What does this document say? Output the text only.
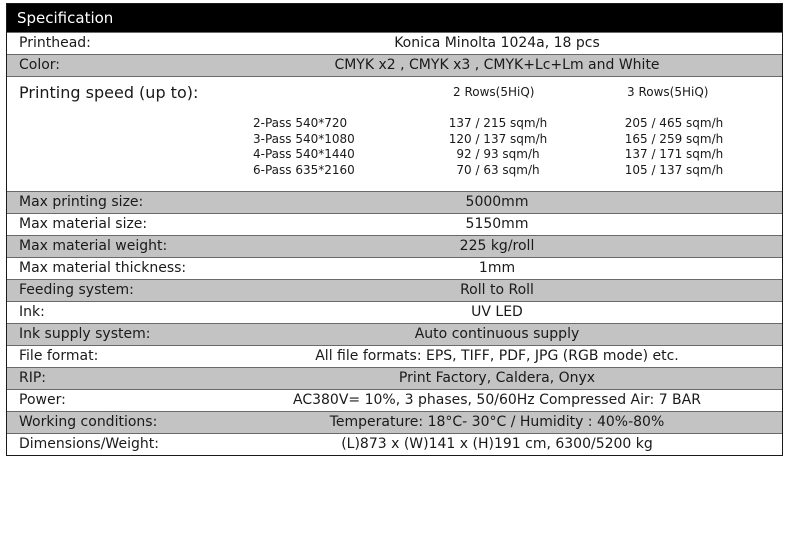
Specification
Printhead:	Konica Minolta 1024a, 18 pcs
Color:	CMYK x2 , CMYK x3 , CMYK+Lc+Lm and White
Printing speed (up to):	2 Rows(5HiQ)	3 Rows(5HiQ)
2-Pass 540*720	137 / 215 sqm/h	205 / 465 sqm/h
3-Pass 540*1080	120 / 137 sqm/h	165 / 259 sqm/h
4-Pass 540*1440	92 / 93 sqm/h	137 / 171 sqm/h
6-Pass 635*2160	70 / 63 sqm/h	105 / 137 sqm/h
Max printing size:	5000mm
Max material size:	5150mm
Max material weight:	225 kg/roll
Max material thickness:	1mm
Feeding system:	Roll to Roll
Ink:	UV LED
Ink supply system:	Auto continuous supply
File format:	All file formats: EPS, TIFF, PDF, JPG (RGB mode) etc.
RIP:	Print Factory, Caldera, Onyx
Power:	AC380V= 10%, 3 phases, 50/60Hz Compressed Air: 7 BAR
Working conditions:	Temperature: 18°C- 30°C / Humidity : 40%-80%
Dimensions/Weight:	(L)873 x (W)141 x (H)191 cm, 6300/5200 kg
